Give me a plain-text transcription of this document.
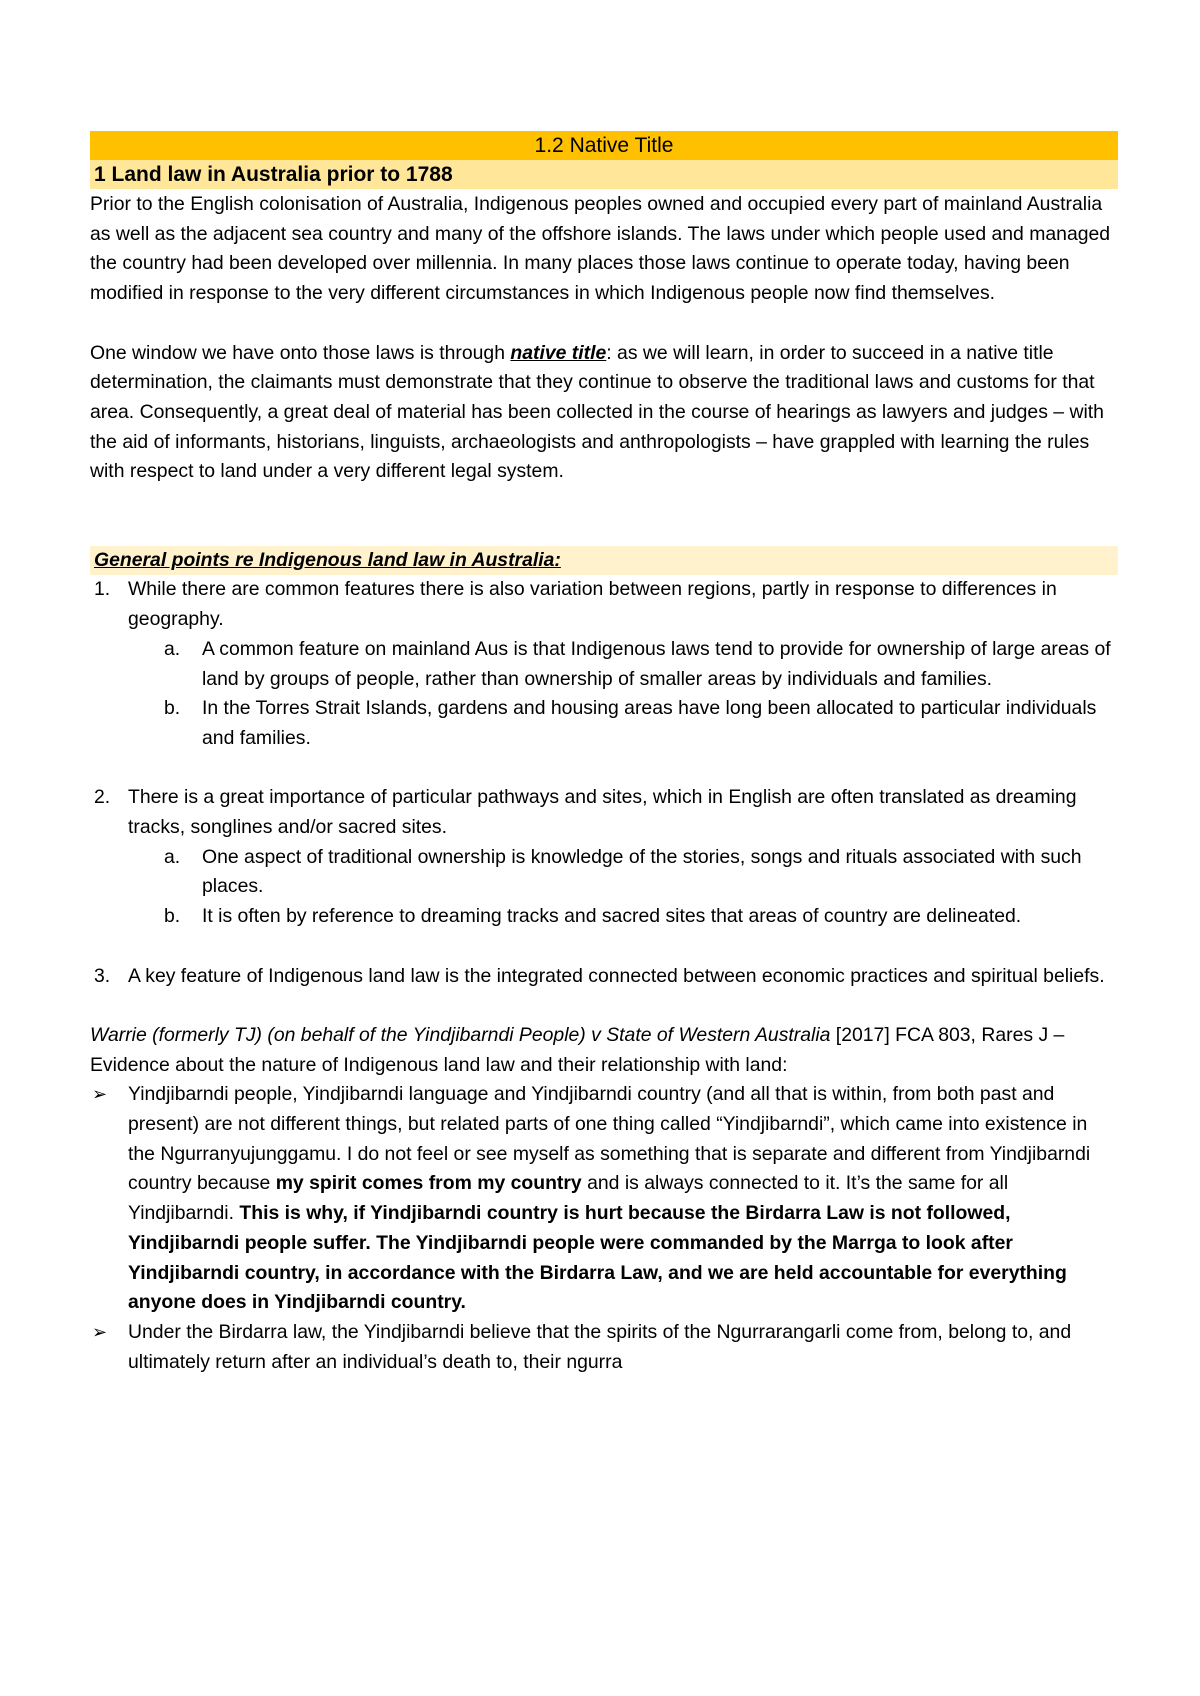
1.2 Native Title
1 Land law in Australia prior to 1788

Prior to the English colonisation of Australia, Indigenous peoples owned and occupied every part of mainland Australia as well as the adjacent sea country and many of the offshore islands. The laws under which people used and managed the country had been developed over millennia. In many places those laws continue to operate today, having been modified in response to the very different circumstances in which Indigenous people now find themselves.

One window we have onto those laws is through native title: as we will learn, in order to succeed in a native title determination, the claimants must demonstrate that they continue to observe the traditional laws and customs for that area. Consequently, a great deal of material has been collected in the course of hearings as lawyers and judges – with the aid of informants, historians, linguists, archaeologists and anthropologists – have grappled with learning the rules with respect to land under a very different legal system.

General points re Indigenous land law in Australia:
1. While there are common features there is also variation between regions, partly in response to differences in geography.
a. A common feature on mainland Aus is that Indigenous laws tend to provide for ownership of large areas of land by groups of people, rather than ownership of smaller areas by individuals and families.
b. In the Torres Strait Islands, gardens and housing areas have long been allocated to particular individuals and families.
2. There is a great importance of particular pathways and sites, which in English are often translated as dreaming tracks, songlines and/or sacred sites.
a. One aspect of traditional ownership is knowledge of the stories, songs and rituals associated with such places.
b. It is often by reference to dreaming tracks and sacred sites that areas of country are delineated.
3. A key feature of Indigenous land law is the integrated connected between economic practices and spiritual beliefs.

Warrie (formerly TJ) (on behalf of the Yindjibarndi People) v State of Western Australia [2017] FCA 803, Rares J – Evidence about the nature of Indigenous land law and their relationship with land:

➢ Yindjibarndi people, Yindjibarndi language and Yindjibarndi country (and all that is within, from both past and present) are not different things, but related parts of one thing called “Yindjibarndi”, which came into existence in the Ngurranyujunggamu. I do not feel or see myself as something that is separate and different from Yindjibarndi country because my spirit comes from my country and is always connected to it. It’s the same for all Yindjibarndi. This is why, if Yindjibarndi country is hurt because the Birdarra Law is not followed, Yindjibarndi people suffer. The Yindjibarndi people were commanded by the Marrga to look after Yindjibarndi country, in accordance with the Birdarra Law, and we are held accountable for everything anyone does in Yindjibarndi country.
➢ Under the Birdarra law, the Yindjibarndi believe that the spirits of the Ngurrarangarli come from, belong to, and ultimately return after an individual’s death to, their ngurra
